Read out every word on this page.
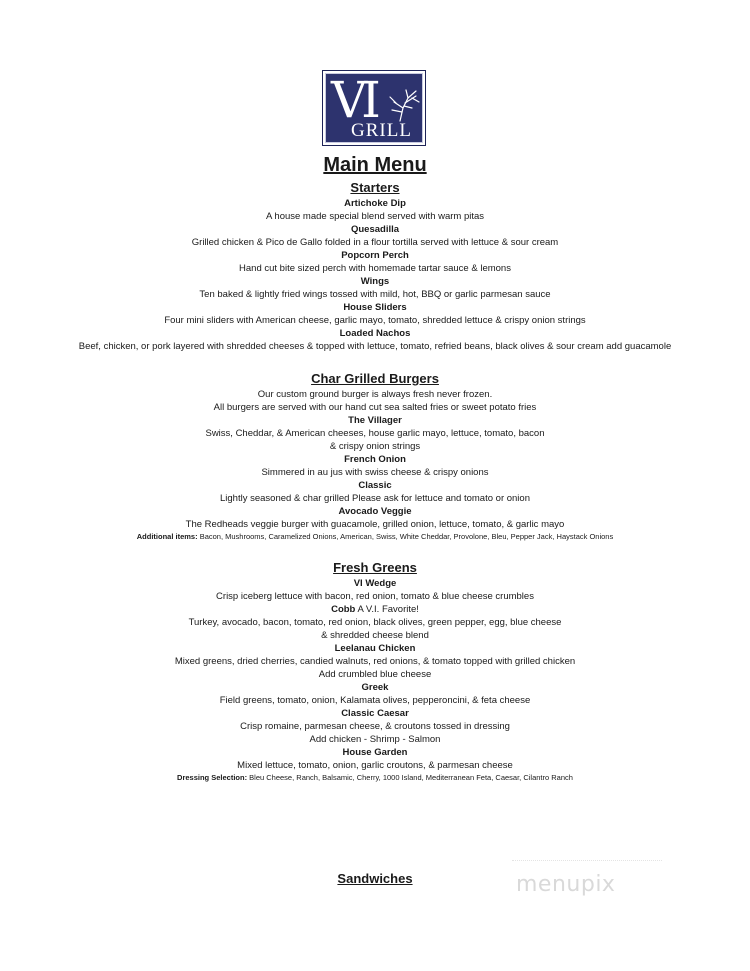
VI
GRILL
Main Menu
Starters
Artichoke Dip
A house made special blend served with warm pitas
Quesadilla
Grilled chicken & Pico de Gallo folded in a flour tortilla served with lettuce & sour cream
Popcorn Perch
Hand cut bite sized perch with homemade tartar sauce & lemons
Wings
Ten baked & lightly fried wings tossed with mild, hot, BBQ or garlic parmesan sauce
House Sliders
Four mini sliders with American cheese, garlic mayo, tomato, shredded lettuce & crispy onion strings
Loaded Nachos
Beef, chicken, or pork layered with shredded cheeses & topped with lettuce, tomato, refried beans, black olives & sour cream add guacamole
Char Grilled Burgers
Our custom ground burger is always fresh never frozen.
All burgers are served with our hand cut sea salted fries or sweet potato fries
The Villager
Swiss, Cheddar, & American cheeses, house garlic mayo, lettuce, tomato, bacon
& crispy onion strings
French Onion
Simmered in au jus with swiss cheese & crispy onions
Classic
Lightly seasoned & char grilled Please ask for lettuce and tomato or onion
Avocado Veggie
The Redheads veggie burger with guacamole, grilled onion, lettuce, tomato, & garlic mayo
Additional items: Bacon, Mushrooms, Caramelized Onions, American, Swiss, White Cheddar, Provolone, Bleu, Pepper Jack, Haystack Onions
Fresh Greens
VI Wedge
Crisp iceberg lettuce with bacon, red onion, tomato & blue cheese crumbles
Cobb A V.I. Favorite!
Turkey, avocado, bacon, tomato, red onion, black olives, green pepper, egg, blue cheese
& shredded cheese blend
Leelanau Chicken
Mixed greens, dried cherries, candied walnuts, red onions, & tomato topped with grilled chicken
Add crumbled blue cheese
Greek
Field greens, tomato, onion, Kalamata olives, pepperoncini, & feta cheese
Classic Caesar
Crisp romaine, parmesan cheese, & croutons tossed in dressing
Add chicken - Shrimp - Salmon
House Garden
Mixed lettuce, tomato, onion, garlic croutons, & parmesan cheese
Dressing Selection: Bleu Cheese, Ranch, Balsamic, Cherry, 1000 Island, Mediterranean Feta, Caesar, Cilantro Ranch
Sandwiches	menupix
